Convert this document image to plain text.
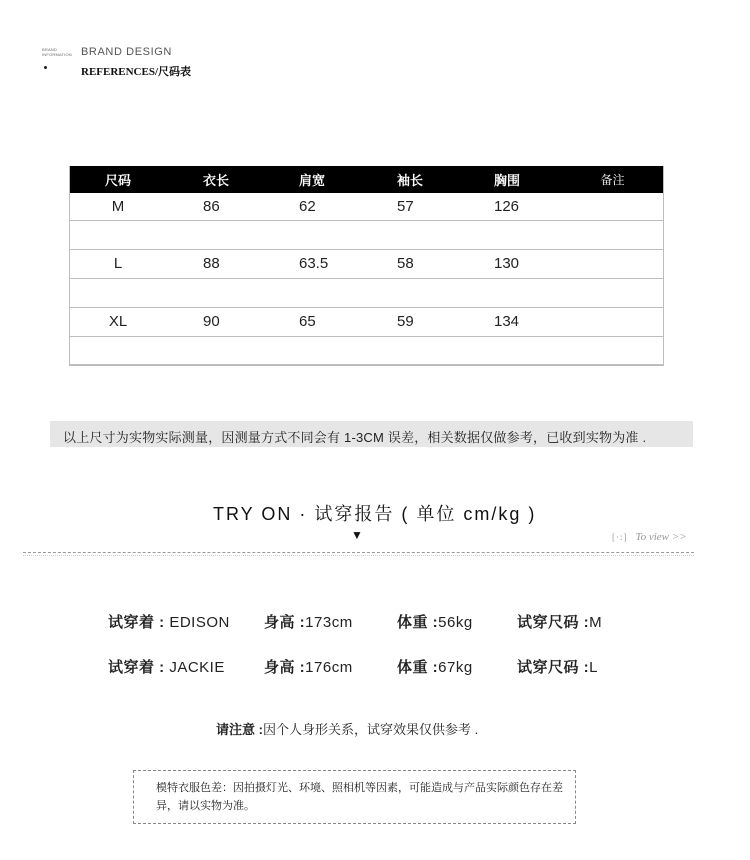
BRAND
INFORMATION BRAND DESIGN
REFERENCES/尺码表
尺码	衣长	肩宽	袖长	胸围	备注
M	86	62	57	126	

L	88	63.5	58	130	

XL	90	65	59	134	

以上尺寸为实物实际测量，因测量方式不同会有 1-3CM 误差，相关数据仅做参考，已收到实物为准 .
TRY ON · 试穿报告 ( 单位 cm/kg )
▼	[·:] To view >>
试穿着 : EDISON 身高 :173cm	体重 :56kg	试穿尺码 :M
试穿着 : JACKIE	身高 :176cm	体重 :67kg	试穿尺码 :L
请注意 :因个人身形关系，试穿效果仅供参考 .
模特衣服色差：因拍摄灯光、环境、照相机等因素，可能造成与产品实际颜色存在差异，请以实物为准。
